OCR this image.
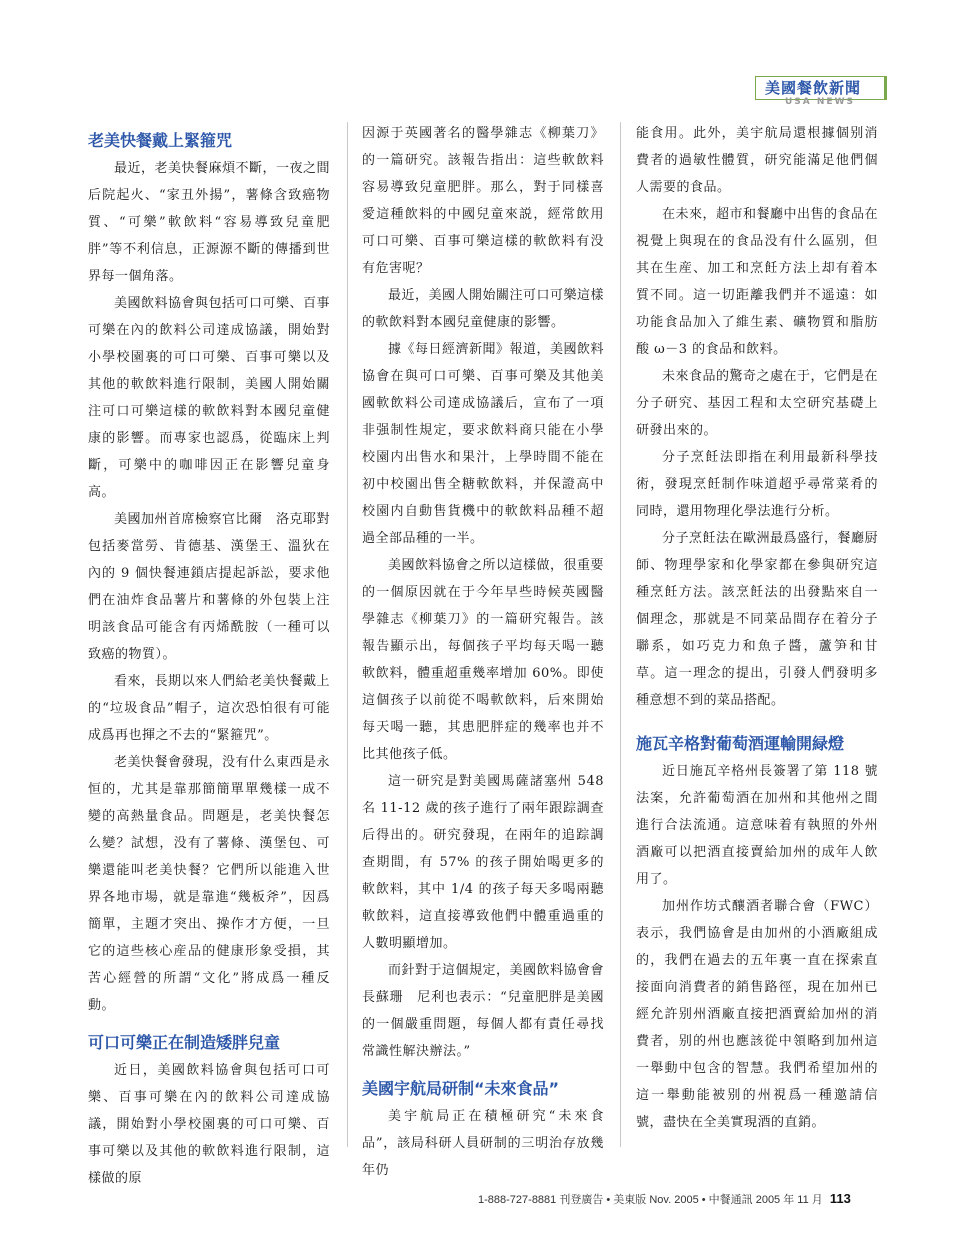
美國餐飲新聞
USA NEWS
老美快餐戴上緊箍咒

最近，老美快餐麻煩不斷，一夜之間后院起火、“家丑外揚”，薯條含致癌物質、“可樂”軟飲料“容易導致兒童肥胖”等不利信息，正源源不斷的傳播到世界每一個角落。

美國飲料協會與包括可口可樂、百事可樂在內的飲料公司達成協議，開始對小學校園裏的可口可樂、百事可樂以及其他的軟飲料進行限制，美國人開始關注可口可樂這樣的軟飲料對本國兒童健康的影響。而專家也認爲，從臨床上判斷，可樂中的咖啡因正在影響兒童身高。

美國加州首席檢察官比爾　洛克耶對包括麥當勞、肯德基、漢堡王、溫狄在內的 9 個快餐連鎖店提起訴訟，要求他們在油炸食品薯片和薯條的外包裝上注明該食品可能含有丙烯酰胺（一種可以致癌的物質）。

看來，長期以來人們給老美快餐戴上的“垃圾食品”帽子，這次恐怕很有可能成爲再也揮之不去的“緊箍咒”。

老美快餐會發現，没有什么東西是永恒的，尤其是靠那簡簡單單幾樣一成不變的高熱量食品。問題是，老美快餐怎么變？試想，没有了薯條、漢堡包、可樂還能叫老美快餐？它們所以能進入世界各地市場，就是靠進“幾板斧”，因爲簡單，主題才突出、操作才方便，一旦它的這些核心産品的健康形象受損，其苦心經營的所謂“文化”將成爲一種反動。

可口可樂正在制造矮胖兒童

近日，美國飲料協會與包括可口可樂、百事可樂在內的飲料公司達成協議，開始對小學校園裏的可口可樂、百事可樂以及其他的軟飲料進行限制，這樣做的原

因源于英國著名的醫學雜志《柳葉刀》的一篇研究。該報告指出：這些軟飲料容易導致兒童肥胖。那么，對于同樣喜愛這種飲料的中國兒童來説，經常飲用可口可樂、百事可樂這樣的軟飲料有没有危害呢？

最近，美國人開始關注可口可樂這樣的軟飲料對本國兒童健康的影響。

據《每日經濟新聞》報道，美國飲料協會在與可口可樂、百事可樂及其他美國軟飲料公司達成協議后，宣布了一項非强制性規定，要求飲料商只能在小學校園内出售水和果汁，上學時間不能在初中校園出售全糖軟飲料，并保證高中校園内自動售貨機中的軟飲料品種不超過全部品種的一半。

美國飲料協會之所以這樣做，很重要的一個原因就在于今年早些時候英國醫學雜志《柳葉刀》的一篇研究報告。該報告顯示出，每個孩子平均每天喝一聽軟飲料，體重超重幾率增加 60%。即使這個孩子以前從不喝軟飲料，后來開始每天喝一聽，其患肥胖症的幾率也并不比其他孩子低。

這一研究是對美國馬薩諸塞州 548 名 11-12 歲的孩子進行了兩年跟踪調查后得出的。研究發現，在兩年的追踪調查期間，有 57% 的孩子開始喝更多的軟飲料，其中 1/4 的孩子每天多喝兩聽軟飲料，這直接導致他們中體重過重的人數明顯增加。

而針對于這個規定，美國飲料協會會長蘇珊　尼利也表示：“兒童肥胖是美國的一個嚴重問題，每個人都有責任尋找常識性解決辦法。”

美國宇航局研制“未來食品”

美宇航局正在積極研究“未來食品”，該局科研人員研制的三明治存放幾年仍

能食用。此外，美宇航局還根據個别消費者的過敏性體質，研究能滿足他們個人需要的食品。

在未來，超市和餐廳中出售的食品在視覺上與現在的食品没有什么區别，但其在生産、加工和烹飪方法上却有着本質不同。這一切距離我們并不遥遠：如功能食品加入了維生素、礦物質和脂肪酸 ω－3 的食品和飲料。

未來食品的驚奇之處在于，它們是在分子研究、基因工程和太空研究基礎上研發出來的。

分子烹飪法即指在利用最新科學技術，發現烹飪制作味道超乎尋常菜肴的同時，還用物理化學法進行分析。

分子烹飪法在歐洲最爲盛行，餐廳厨師、物理學家和化學家都在參與研究這種烹飪方法。該烹飪法的出發點來自一個理念，那就是不同菜品間存在着分子聯系，如巧克力和魚子醬，蘆笋和甘草。這一理念的提出，引發人們發明多種意想不到的菜品搭配。

施瓦辛格對葡萄酒運輸開緑燈

近日施瓦辛格州長簽署了第 118 號法案，允許葡萄酒在加州和其他州之間進行合法流通。這意味着有執照的外州酒廠可以把酒直接賣給加州的成年人飲用了。

加州作坊式釀酒者聯合會（FWC）表示，我們協會是由加州的小酒廠組成的，我們在過去的五年裏一直在探索直接面向消費者的銷售路徑，現在加州已經允許别州酒廠直接把酒賣給加州的消費者，别的州也應該從中領略到加州這一舉動中包含的智慧。我們希望加州的這一舉動能被别的州視爲一種邀請信號，盡快在全美實現酒的直銷。

1-888-727-8881 刊登廣告 • 美東版 Nov. 2005 • 中餐通訊 2005 年 11 月 113
